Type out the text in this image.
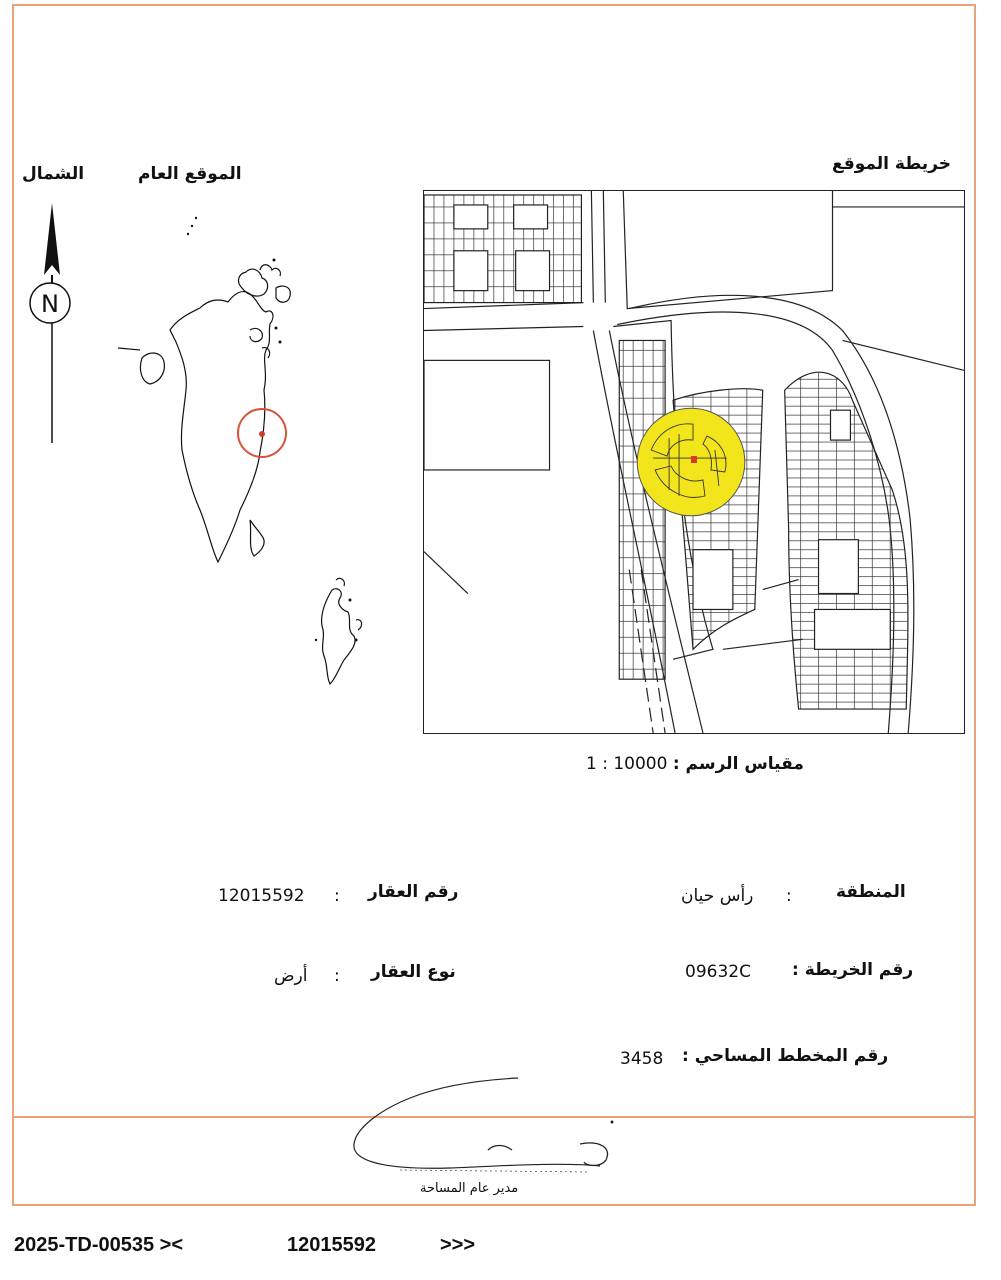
خريطة الموقع
الموقع العام
الشمال
N
1 : 10000 مقياس الرسم :
المنطقة
:
رأس حيان
رقم الخريطة :
09632C
رقم المخطط المساحي :
3458
رقم العقار
:
12015592
نوع العقار
:
أرض
مدير عام المساحة
2025-TD-00535 ><	12015592	>>>
